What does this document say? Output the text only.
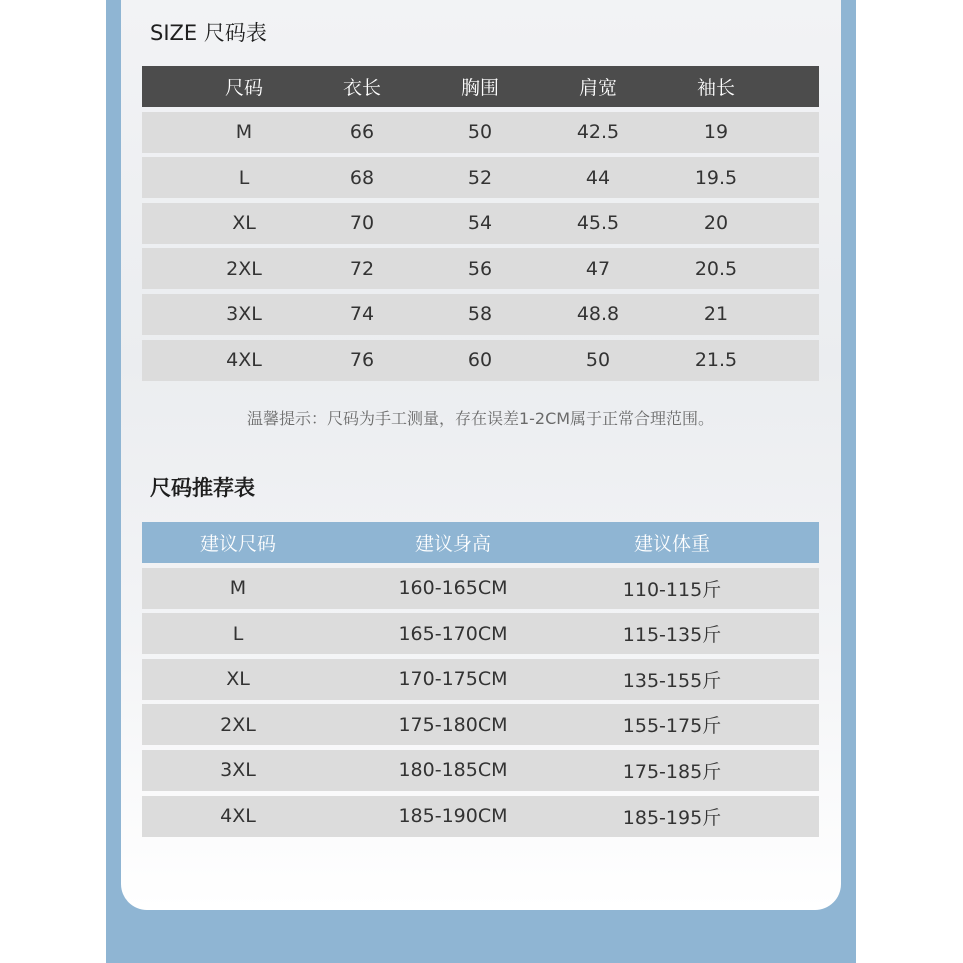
SIZE 尺码表
尺码	衣长	胸围	肩宽	袖长
M	66	50	42.5	19
L	68	52	44	19.5
XL	70	54	45.5	20
2XL	72	56	47	20.5
3XL	74	58	48.8	21
4XL	76	60	50	21.5
温馨提示：尺码为手工测量，存在误差1-2CM属于正常合理范围。
尺码推荐表
建议尺码	建议身高	建议体重
M	160-165CM	110-115斤
L	165-170CM	115-135斤
XL	170-175CM	135-155斤
2XL	175-180CM	155-175斤
3XL	180-185CM	175-185斤
4XL	185-190CM	185-195斤
